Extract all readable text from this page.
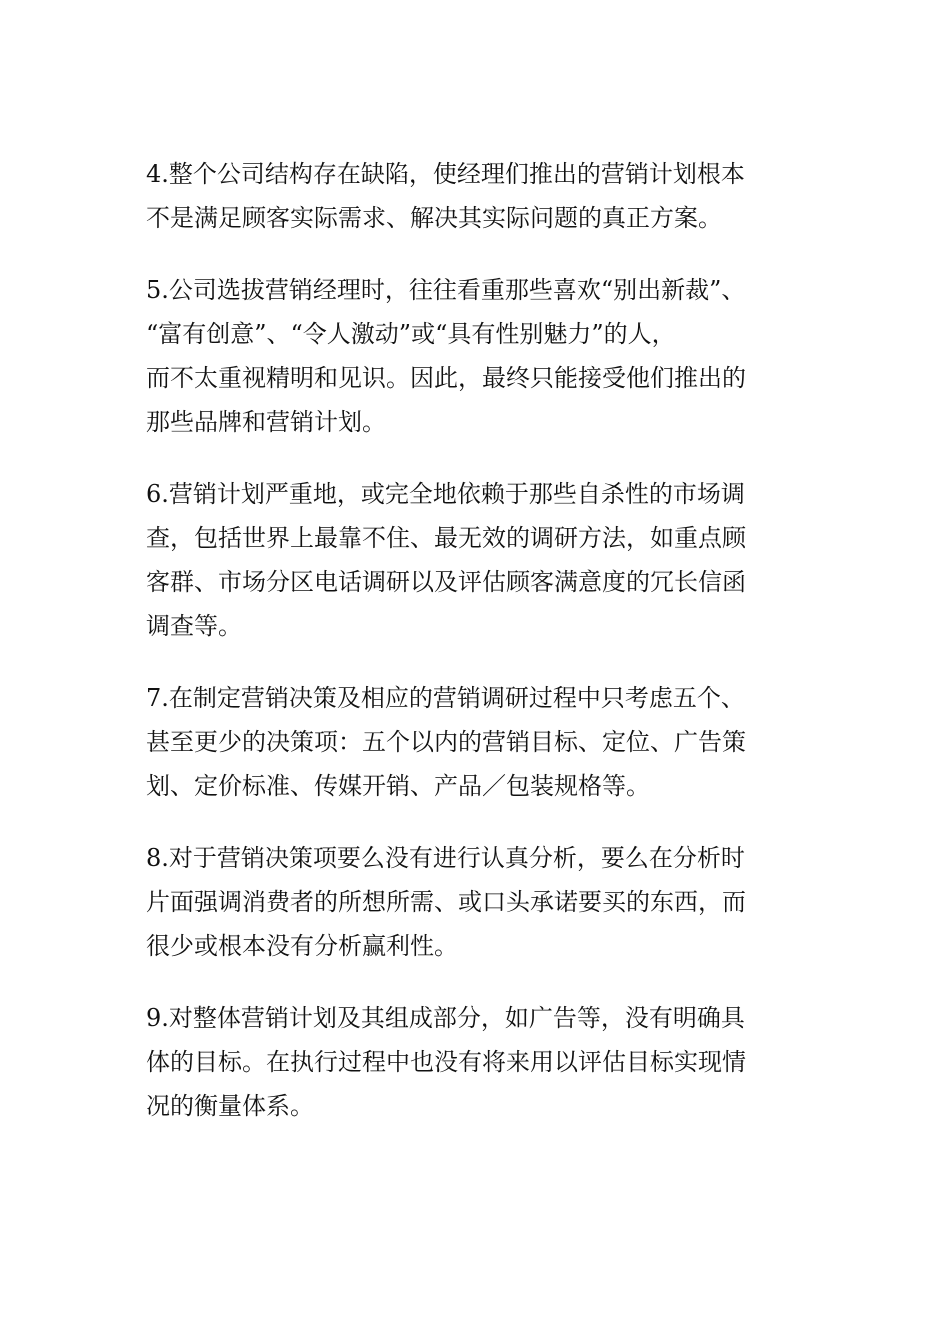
4.整个公司结构存在缺陷，使经理们推出的营销计划根本
不是满足顾客实际需求、解决其实际问题的真正方案。
5.公司选拔营销经理时，往往看重那些喜欢“别出新裁”、
“富有创意”、“令人激动”或“具有性别魅力”的人，
而不太重视精明和见识。因此，最终只能接受他们推出的
那些品牌和营销计划。
6.营销计划严重地，或完全地依赖于那些自杀性的市场调
查，包括世界上最靠不住、最无效的调研方法，如重点顾
客群、市场分区电话调研以及评估顾客满意度的冗长信函
调查等。
7.在制定营销决策及相应的营销调研过程中只考虑五个、
甚至更少的决策项：五个以内的营销目标、定位、广告策
划、定价标准、传媒开销、产品／包装规格等。
8.对于营销决策项要么没有进行认真分析，要么在分析时
片面强调消费者的所想所需、或口头承诺要买的东西，而
很少或根本没有分析赢利性。
9.对整体营销计划及其组成部分，如广告等，没有明确具
体的目标。在执行过程中也没有将来用以评估目标实现情
况的衡量体系。
